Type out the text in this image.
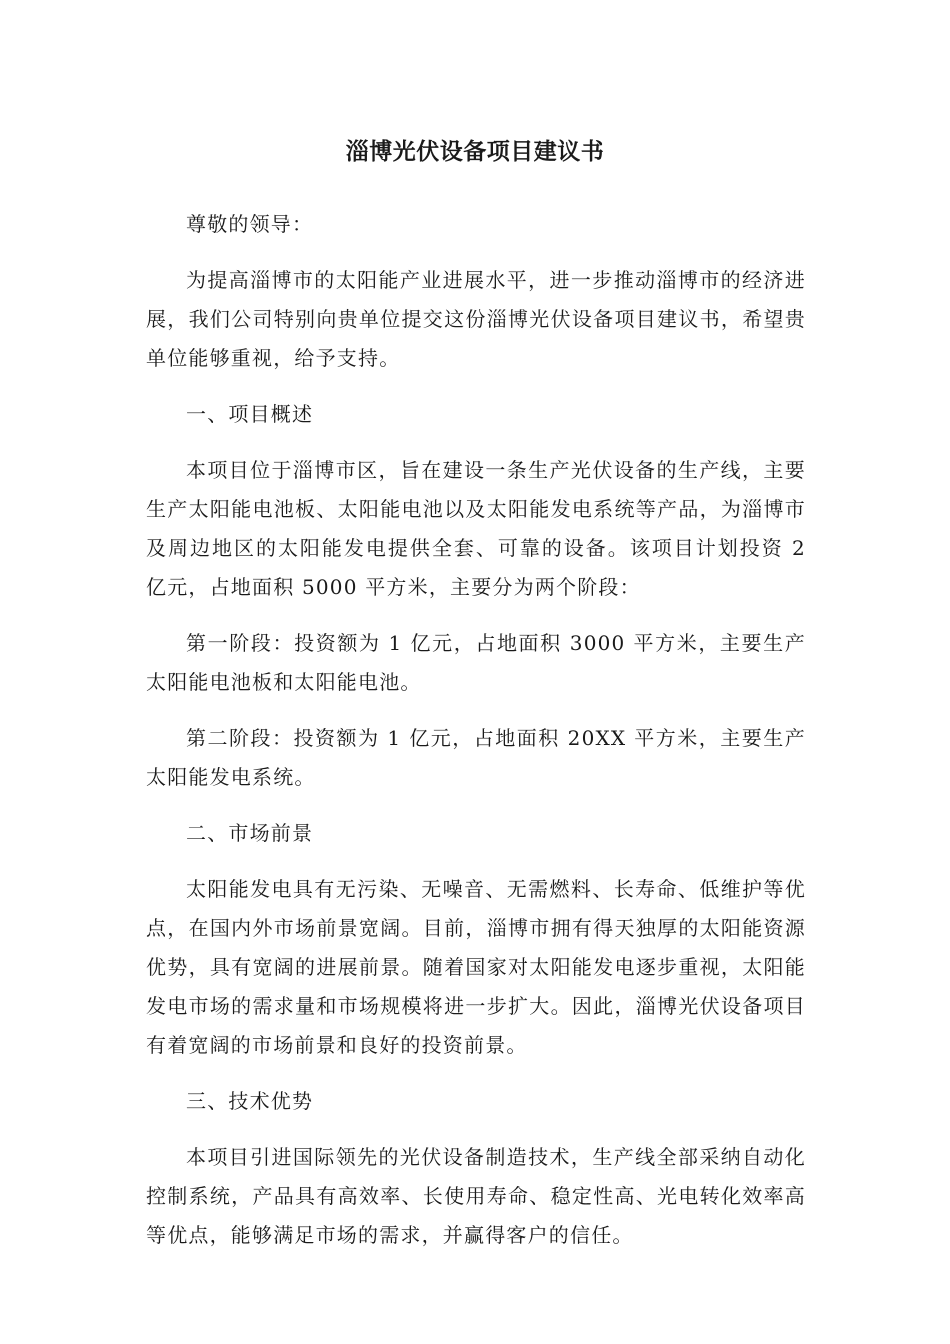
淄博光伏设备项目建议书

尊敬的领导：

为提高淄博市的太阳能产业进展水平，进一步推动淄博市的经济进展，我们公司特别向贵单位提交这份淄博光伏设备项目建议书，希望贵单位能够重视，给予支持。

一、项目概述

本项目位于淄博市区，旨在建设一条生产光伏设备的生产线，主要生产太阳能电池板、太阳能电池以及太阳能发电系统等产品，为淄博市及周边地区的太阳能发电提供全套、可靠的设备。该项目计划投资 2 亿元，占地面积 5000 平方米，主要分为两个阶段：

第一阶段：投资额为 1 亿元，占地面积 3000 平方米，主要生产太阳能电池板和太阳能电池。

第二阶段：投资额为 1 亿元，占地面积 20XX 平方米，主要生产太阳能发电系统。

二、市场前景

太阳能发电具有无污染、无噪音、无需燃料、长寿命、低维护等优点，在国内外市场前景宽阔。目前，淄博市拥有得天独厚的太阳能资源优势，具有宽阔的进展前景。随着国家对太阳能发电逐步重视，太阳能发电市场的需求量和市场规模将进一步扩大。因此，淄博光伏设备项目有着宽阔的市场前景和良好的投资前景。

三、技术优势

本项目引进国际领先的光伏设备制造技术，生产线全部采纳自动化控制系统，产品具有高效率、长使用寿命、稳定性高、光电转化效率高等优点，能够满足市场的需求，并赢得客户的信任。
